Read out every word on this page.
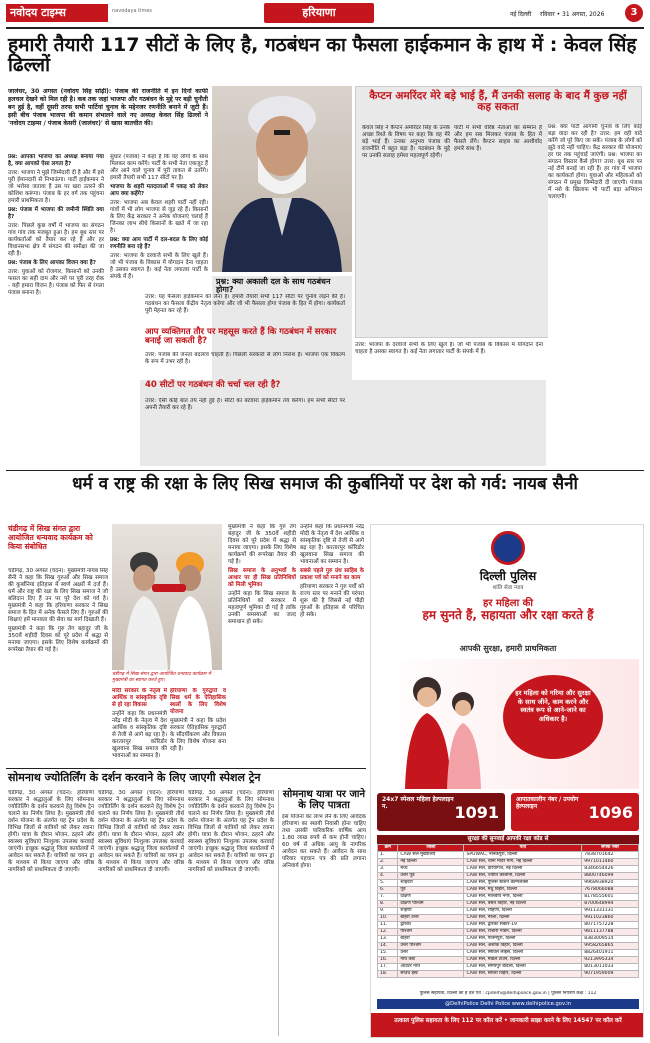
नवोदय टाइम्स	navodaya times	हरियाणा	नई दिल्ली रविवार • 31 अगस्त, 2026	3
हमारी तैयारी 117 सीटों के लिए है, गठबंधन का फैसला हाईकमान के हाथ में : केवल सिंह ढिल्लों
जालंधर, 30 अगस्त (नवोदय सिंह सोढ़ी): पंजाब की राजनीति में इन दिनों काफी हलचल देखने को मिल रही है। कब तक जहां भाजपा और गठबंधन के मुद्दे पर बड़ी चुनौती बन हुई है, वहीं दूसरी तरफ सभी पार्टियां चुनाव के मद्देनजर रणनीति बनाने में जुटी हैं। इसी बीच पंजाब भाजपा की कमान संभालने वाले नए अध्यक्ष केवल सिंह ढिल्लों ने 'नवोदय टाइम्स / पंजाब केसरी (जालंधर)' से खास बातचीत की।

प्रश्न: आपको भाजपा का अध्यक्ष बनाया गया है, क्या आपको ऐसा लगता है?

उत्तर: भाजपा ने मुझे जिम्मेदारी दी है और मैं इसे पूरी ईमानदारी से निभाऊंगा। पार्टी हाईकमान ने जो भरोसा जताया है उस पर खरा उतरने की कोशिश करूंगा। पंजाब के हर वर्ग तक पहुंचना हमारी प्राथमिकता है।

प्रश्न: पंजाब में भाजपा की जमीनी स्थिति क्या है?

उत्तर: पिछले कुछ वर्षों में भाजपा का संगठन गांव गांव तक मजबूत हुआ है। हम बूथ स्तर पर कार्यकर्ताओं को तैयार कर रहे हैं और हर विधानसभा क्षेत्र में संगठन की समीक्षा की जा रही है।

प्रश्न: पंजाब के लिए आपका विजन क्या है?

उत्तर: युवाओं को रोजगार, किसानों को उनकी फसल का सही दाम और नशे पर पूरी तरह रोक - यही हमारा विजन है। पंजाब को फिर से रंगला पंजाब बनाना है।

सुधार (पंजाब) ने कहा है कि वह लोगों के साथ मिलकर काम करेंगे। पार्टी के सभी नेता एकजुट हैं और आने वाले चुनाव में पूरी ताकत से उतरेंगे। हमारी तैयारी सभी 117 सीटों पर है।

भाजपा के शहरी मतदाताओं में पकड़ को लेकर आप क्या कहेंगे?

उत्तर: भाजपा अब केवल शहरी पार्टी नहीं रही। गांवों में भी लोग भाजपा से जुड़ रहे हैं। किसानों के लिए केंद्र सरकार ने अनेक योजनाएं चलाई हैं जिनका लाभ सीधे किसानों के खाते में जा रहा है।

प्रश्न: क्या आप पार्टी में दल-बदल के लिए कोई रणनीति बना रहे हैं?

उत्तर: भाजपा के दरवाजे सभी के लिए खुले हैं। जो भी पंजाब के विकास में योगदान देना चाहता है उसका स्वागत है। कई नेता लगातार पार्टी के संपर्क में हैं।

कैप्टन अमरिंदर मेरे बड़े भाई हैं, मैं उनकी सलाह के बाद मैं कुछ नहीं कह सकता

केवल सिंह ने कैप्टन अमरिंदर सिंह के उनके अच्छा रिश्ते के विषय पर कहा कि वह मेरे बड़े भाई हैं। उनका अनुभव पंजाब की राजनीति में बहुत बड़ा है। गठबंधन के मुद्दे पर उनकी सलाह हमेशा महत्वपूर्ण रहेगी।

पार्टी में सभी वरिष्ठ नेताओं का सम्मान है और हम सब मिलकर पंजाब के हित में फैसले लेंगे। कैप्टन साहब का आशीर्वाद हमारे साथ है।

प्रश्न: क्या पार्टी आगामी चुनाव के लिए कोई बड़ा वादा कर रही है? उत्तर: हम वही वादे करेंगे जो पूरे किए जा सकें। पंजाब के लोगों को झूठे वादे नहीं चाहिए। केंद्र सरकार की योजनाएं हर घर तक पहुंचाई जाएंगी। प्रश्न: भाजपा का संगठन विस्तार कैसे होगा? उत्तर: बूथ स्तर पर नई टीमें बनाई जा रही हैं। हर गांव में भाजपा का कार्यकर्ता होगा। युवाओं और महिलाओं को संगठन में प्रमुख जिम्मेदारी दी जाएगी। पंजाब में नशे के खिलाफ भी पार्टी बड़ा अभियान चलाएगी।

प्रश्न: क्या अकाली दल के साथ गठबंधन होगा?
उत्तर: यह फैसला हाईकमान को लेना है। हमारी तैयारी सभी 117 सीटों पर चुनाव लड़ने की है। गठबंधन का फैसला केंद्रीय नेतृत्व करेगा और जो भी फैसला होगा पंजाब के हित में होगा। कार्यकर्ता पूरी मेहनत कर रहे हैं।
आप व्यक्तिगत तौर पर महसूस करते हैं कि गठबंधन में सरकार बनाई जा सकती है?
उत्तर: पंजाब की जनता बदलाव चाहती है। पिछली सरकारों से लोग निराश हैं। भाजपा एक विकल्प के रूप में उभर रही है।
40 सीटों पर गठबंधन की चर्चा चल रही है?
उत्तर: ऐसी कोई बात तय नहीं हुई है। सीटों का बंटवारा हाईकमान तय करेगा। हम सभी सीटों पर अपनी तैयारी कर रहे हैं।

उत्तर: भाजपा के दरवाजे सभी के लिए खुले हैं। जो भी पंजाब के विकास में योगदान देना चाहता है उसका स्वागत है। कई नेता लगातार पार्टी के संपर्क में हैं।

धर्म व राष्ट्र की रक्षा के लिए सिख समाज की कुर्बानियों पर देश को गर्व: नायब सैनी
चंडीगढ़ में सिख संगत द्वारा आयोजित धन्यवाद कार्यक्रम को किया संबोधित

चंडीगढ़, 30 अगस्त (चंदन): मुख्यमंत्री नायब सिंह सैनी ने कहा कि सिख गुरुओं और सिख समाज की कुर्बानियां इतिहास में स्वर्ण अक्षरों में दर्ज हैं। धर्म और राष्ट्र की रक्षा के लिए सिख समाज ने जो बलिदान दिए हैं उन पर पूरे देश को गर्व है। मुख्यमंत्री ने कहा कि हरियाणा सरकार ने सिख समाज के हित में अनेक फैसले लिए हैं। गुरुओं की शिक्षाएं हमें मानवता की सेवा का मार्ग दिखाती हैं।

मुख्यमंत्री ने कहा कि गुरु तेग बहादुर जी के 350वें शहीदी दिवस को पूरे प्रदेश में श्रद्धा से मनाया जाएगा। इसके लिए विशेष कार्यक्रमों की रूपरेखा तैयार की गई है।

चंडीगढ़ में सिख संगत द्वारा आयोजित धन्यवाद कार्यक्रम में मुख्यमंत्री का स्वागत करते हुए।

मोदी सरकार के नेतृत्व में आर्थिक व सांस्कृतिक दृष्टि से हो रहा विकास

उन्होंने कहा कि प्रधानमंत्री नरेंद्र मोदी के नेतृत्व में देश आर्थिक व सांस्कृतिक दृष्टि से तेजी से आगे बढ़ रहा है। करतारपुर कॉरिडोर खुलवाना सिख समाज की भावनाओं का सम्मान है।

हरियाणा के गुरुद्वारों व सिख धर्म के ऐतिहासिक स्थलों के लिए विशेष योजना

मुख्यमंत्री ने कहा कि प्रदेश सरकार ऐतिहासिक गुरुद्वारों के सौंदर्यीकरण और विकास के लिए विशेष योजना बना रही है।

मुख्यमंत्री ने कहा कि गुरु तेग बहादुर जी के 350वें शहीदी दिवस को पूरे प्रदेश में श्रद्धा से मनाया जाएगा। इसके लिए विशेष कार्यक्रमों की रूपरेखा तैयार की गई है।

सिख समाज के अनुभवों के आधार पर ही सिख प्रतिनिधियों को मिली भूमिका

उन्होंने कहा कि सिख समाज के प्रतिनिधियों को सरकार में महत्वपूर्ण भूमिका दी गई है ताकि उनकी समस्याओं का जल्द समाधान हो सके।

उन्होंने कहा कि प्रधानमंत्री नरेंद्र मोदी के नेतृत्व में देश आर्थिक व सांस्कृतिक दृष्टि से तेजी से आगे बढ़ रहा है। करतारपुर कॉरिडोर खुलवाना सिख समाज की भावनाओं का सम्मान है।

सबसे पहले गुरु ग्रंथ साहिब के प्रकाश पर्व को मनाने का काम

हरियाणा सरकार ने गुरु पर्वों को राज्य स्तर पर मनाने की परंपरा शुरू की है जिससे नई पीढ़ी गुरुओं के इतिहास से परिचित हो सके।

सोमनाथ ज्योतिर्लिंग के दर्शन करवाने के लिए जाएगी स्पेशल ट्रेन
चंडीगढ़, 30 अगस्त (चंदन): हरियाणा सरकार ने श्रद्धालुओं के लिए सोमनाथ ज्योतिर्लिंग के दर्शन करवाने हेतु विशेष ट्रेन चलाने का निर्णय लिया है। मुख्यमंत्री तीर्थ दर्शन योजना के अंतर्गत यह ट्रेन प्रदेश के विभिन्न जिलों से यात्रियों को लेकर रवाना होगी। यात्रा के दौरान भोजन, ठहरने और स्वास्थ्य सुविधाएं निःशुल्क उपलब्ध करवाई जाएंगी। इच्छुक श्रद्धालु जिला कार्यालयों में आवेदन कर सकते हैं। यात्रियों का चयन ड्रा के माध्यम से किया जाएगा और वरिष्ठ नागरिकों को प्राथमिकता दी जाएगी।
चंडीगढ़, 30 अगस्त (चंदन): हरियाणा सरकार ने श्रद्धालुओं के लिए सोमनाथ ज्योतिर्लिंग के दर्शन करवाने हेतु विशेष ट्रेन चलाने का निर्णय लिया है। मुख्यमंत्री तीर्थ दर्शन योजना के अंतर्गत यह ट्रेन प्रदेश के विभिन्न जिलों से यात्रियों को लेकर रवाना होगी। यात्रा के दौरान भोजन, ठहरने और स्वास्थ्य सुविधाएं निःशुल्क उपलब्ध करवाई जाएंगी। इच्छुक श्रद्धालु जिला कार्यालयों में आवेदन कर सकते हैं। यात्रियों का चयन ड्रा के माध्यम से किया जाएगा और वरिष्ठ नागरिकों को प्राथमिकता दी जाएगी।
चंडीगढ़, 30 अगस्त (चंदन): हरियाणा सरकार ने श्रद्धालुओं के लिए सोमनाथ ज्योतिर्लिंग के दर्शन करवाने हेतु विशेष ट्रेन चलाने का निर्णय लिया है। मुख्यमंत्री तीर्थ दर्शन योजना के अंतर्गत यह ट्रेन प्रदेश के विभिन्न जिलों से यात्रियों को लेकर रवाना होगी। यात्रा के दौरान भोजन, ठहरने और स्वास्थ्य सुविधाएं निःशुल्क उपलब्ध करवाई जाएंगी। इच्छुक श्रद्धालु जिला कार्यालयों में आवेदन कर सकते हैं। यात्रियों का चयन ड्रा के माध्यम से किया जाएगा और वरिष्ठ नागरिकों को प्राथमिकता दी जाएगी।
सोमनाथ यात्रा पर जाने के लिए पात्रता
इस योजना का लाभ लेने के लिए आवेदक हरियाणा का स्थायी निवासी होना चाहिए तथा उसकी पारिवारिक वार्षिक आय 1.80 लाख रुपये से कम होनी चाहिए। 60 वर्ष से अधिक आयु के नागरिक आवेदन कर सकते हैं। आवेदन के साथ परिवार पहचान पत्र की प्रति लगाना अनिवार्य होगा।
दिल्ली पुलिस
शांति सेवा न्याय
हर महिला की
हम सुनते हैं, सहायता और रक्षा करते हैं
आपकी सुरक्षा, हमारी प्राथमिकता
हर महिला को गरिमा और सुरक्षा के साथ जीने, काम करने और स्वतंत्र रूप से आने-जाने का अधिकार है।
24x7 स्पेशल महिला हेल्पलाइन न.	1091
आपातकालीन नंबर / उपयोग हेल्पलाइन	1096
सुरक्षा की सुनवाई आपकी रक्षा कोड से
क्रम	जिला	पता	संपर्क नंबर
1.	CAW सेल मुख्यालय	SPUWAC, नानकपुरा, दिल्ली	7838701642
2.	नई दिल्ली	CAW सेल, थाना मंदिर मार्ग, नई दिल्ली	9971011460
3.	मध्य	CAW सेल, दरियागंज, नई दिल्ली	8346654426
4.	उत्तर पूर्व	CAW सेल, ज्योति कॉलोनी, दिल्ली	8800746099
5.	शाहदरा	CAW सेल, पुलिस स्टेशन कॉम्पलेक्स	9968938920
6.	पूर्व	CAW सेल, मधु विहार, दिल्ली	7678066088
7.	दक्षिण	CAW सेल, मालवीय नगर, दिल्ली	8178555601
8.	दक्षिण पश्चिम	CAW सेल, वसंत विहार, नई दिल्ली	8700648994
9.	रोहिणी	CAW सेल, रोहिणी, दिल्ली	9911331131
10.	बाहरी उत्तर	CAW सेल, नरेला, दिल्ली	9911023860
11.	द्वारका	CAW सेल, द्वारका सेक्टर-19	8071757228
12.	पश्चिम	CAW सेल, राजौरी गार्डन, दिल्ली	9811137788
13.	बाहरी	CAW सेल, पीतमपुरा, दिल्ली	8383009514
14.	उत्तर पश्चिम	CAW सेल, अशोक विहार, दिल्ली	9958265865
15.	उत्तर	CAW सेल, सिविल लाइंस, दिल्ली	8826401911
16.	नॉर्थ वेस्ट	CAW सेल, मॉडल टाउन, दिल्ली	9213995334
17.	आउटर नॉर्थ	CAW सेल, समयपुर बादली, दिल्ली	8013011033
18.	साउथ ईस्ट	CAW सेल, सरिता विहार, दिल्ली	9071959009
पुलिस सहायता, दिल्ली को हैं देश एवं : cpdelhi@delhipolice.gov.in | पुलिस नियंत्रण कक्ष : 112
@DelhiPolice Delhi Police www.delhipolice.gov.in
तत्काल पुलिस सहायता के लिए 112 पर कॉल करें • जानकारी साझा करने के लिए 14547 पर कॉल करें
